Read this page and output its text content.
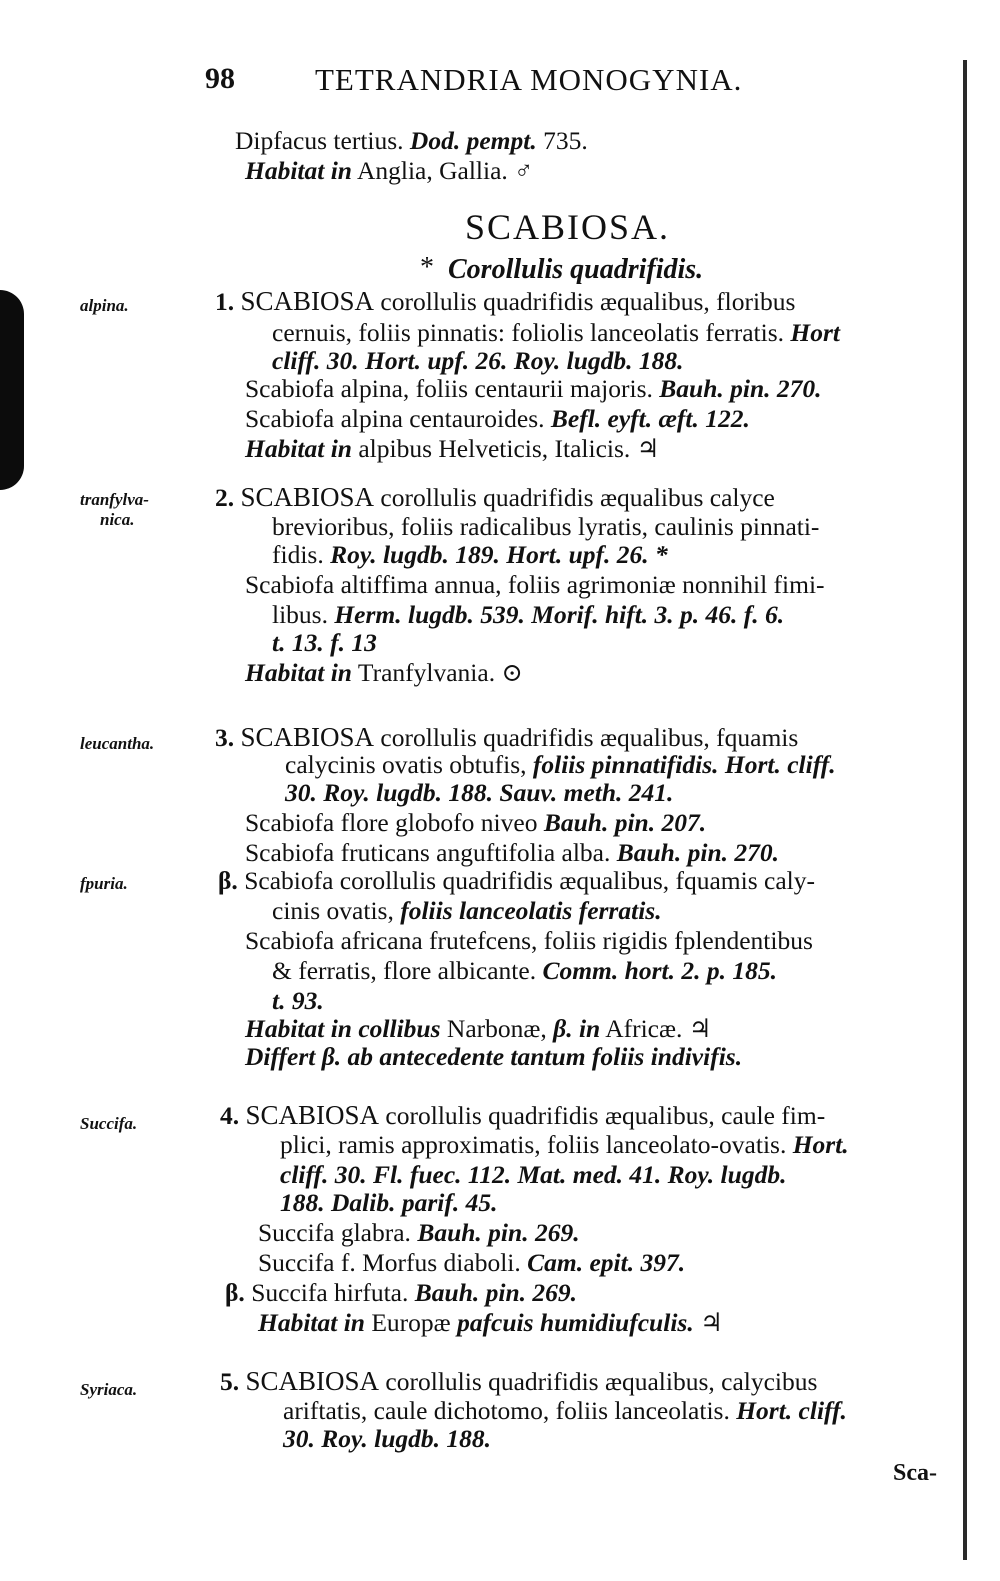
98	TETRANDRIA MONOGYNIA.
Dipfacus tertius. Dod. pempt. 735.
Habitat in Anglia, Gallia. ♂
SCABIOSA.
* Corollulis quadrifidis.
alpina.	1. SCABIOSA corollulis quadrifidis æqualibus, floribus
cernuis, foliis pinnatis: foliolis lanceolatis ferratis. Hort
cliff. 30. Hort. upf. 26. Roy. lugdb. 188.
Scabiofa alpina, foliis centaurii majoris. Bauh. pin. 270.
Scabiofa alpina centauroides. Befl. eyft. æft. 122.
Habitat in alpibus Helveticis, Italicis. ♃
tranfylva-
nica.
2. SCABIOSA corollulis quadrifidis æqualibus calyce
brevioribus, foliis radicalibus lyratis, caulinis pinnati-
fidis. Roy. lugdb. 189. Hort. upf. 26. *
Scabiofa altiffima annua, foliis agrimoniæ nonnihil fimi-
libus. Herm. lugdb. 539. Morif. hift. 3. p. 46. f. 6.
t. 13. f. 13
Habitat in Tranfylvania. ⊙
leucantha. 3. SCABIOSA corollulis quadrifidis æqualibus, fquamis
calycinis ovatis obtufis, foliis pinnatifidis. Hort. cliff.
30. Roy. lugdb. 188. Sauv. meth. 241.
Scabiofa flore globofo niveo Bauh. pin. 207.
Scabiofa fruticans anguftifolia alba. Bauh. pin. 270.
fpuria.	β. Scabiofa corollulis quadrifidis æqualibus, fquamis caly-
cinis ovatis, foliis lanceolatis ferratis.
Scabiofa africana frutefcens, foliis rigidis fplendentibus
& ferratis, flore albicante. Comm. hort. 2. p. 185.
t. 93.
Habitat in collibus Narbonæ, β. in Africæ. ♃
Differt β. ab antecedente tantum foliis indivifis.
Succifa.	4. SCABIOSA corollulis quadrifidis æqualibus, caule fim-
plici, ramis approximatis, foliis lanceolato-ovatis. Hort.
cliff. 30. Fl. fuec. 112. Mat. med. 41. Roy. lugdb.
188. Dalib. parif. 45.
Succifa glabra. Bauh. pin. 269.
Succifa f. Morfus diaboli. Cam. epit. 397.
β. Succifa hirfuta. Bauh. pin. 269.
Habitat in Europæ pafcuis humidiufculis. ♃
Syriaca.	5. SCABIOSA corollulis quadrifidis æqualibus, calycibus
ariftatis, caule dichotomo, foliis lanceolatis. Hort. cliff.
30. Roy. lugdb. 188.
Sca-
